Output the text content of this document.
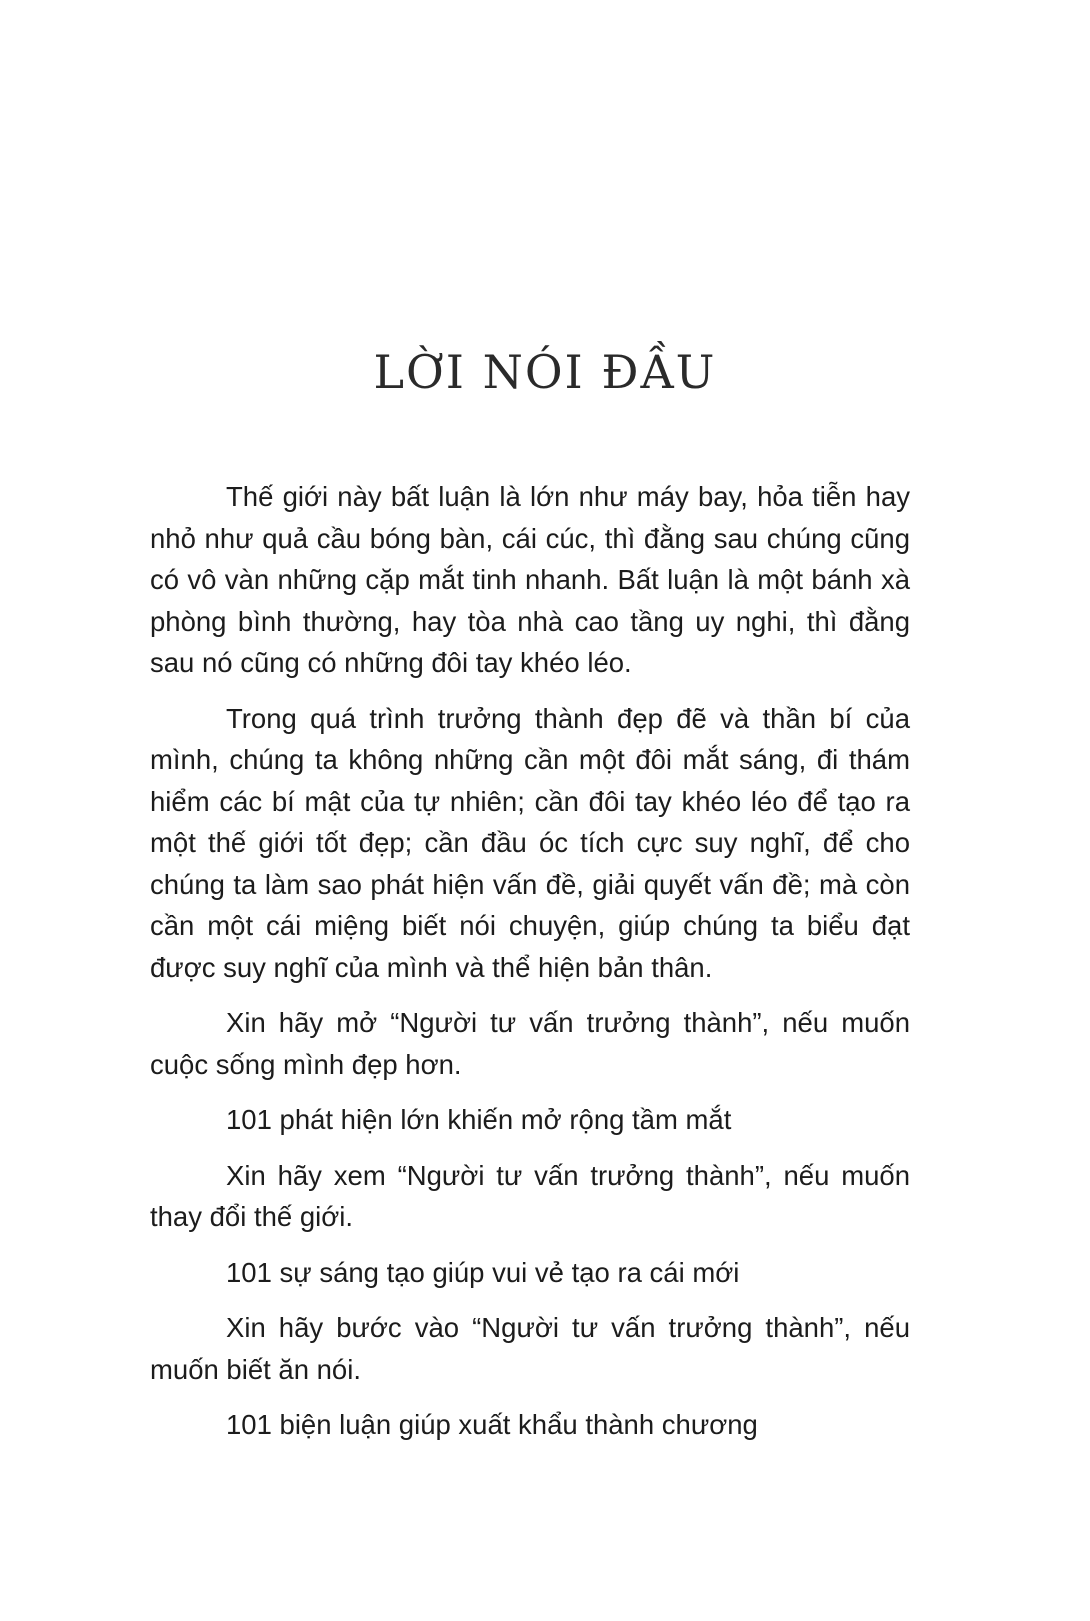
LỜI NÓI ĐẦU

Thế giới này bất luận là lớn như máy bay, hỏa tiễn hay nhỏ như quả cầu bóng bàn, cái cúc, thì đằng sau chúng cũng có vô vàn những cặp mắt tinh nhanh. Bất luận là một bánh xà phòng bình thường, hay tòa nhà cao tầng uy nghi, thì đằng sau nó cũng có những đôi tay khéo léo.

Trong quá trình trưởng thành đẹp đẽ và thần bí của mình, chúng ta không những cần một đôi mắt sáng, đi thám hiểm các bí mật của tự nhiên; cần đôi tay khéo léo để tạo ra một thế giới tốt đẹp; cần đầu óc tích cực suy nghĩ, để cho chúng ta làm sao phát hiện vấn đề, giải quyết vấn đề; mà còn cần một cái miệng biết nói chuyện, giúp chúng ta biểu đạt được suy nghĩ của mình và thể hiện bản thân.

Xin hãy mở “Người tư vấn trưởng thành”, nếu muốn cuộc sống mình đẹp hơn.

101 phát hiện lớn khiến mở rộng tầm mắt

Xin hãy xem “Người tư vấn trưởng thành”, nếu muốn thay đổi thế giới.

101 sự sáng tạo giúp vui vẻ tạo ra cái mới

Xin hãy bước vào “Người tư vấn trưởng thành”, nếu muốn biết ăn nói.

101 biện luận giúp xuất khẩu thành chương
